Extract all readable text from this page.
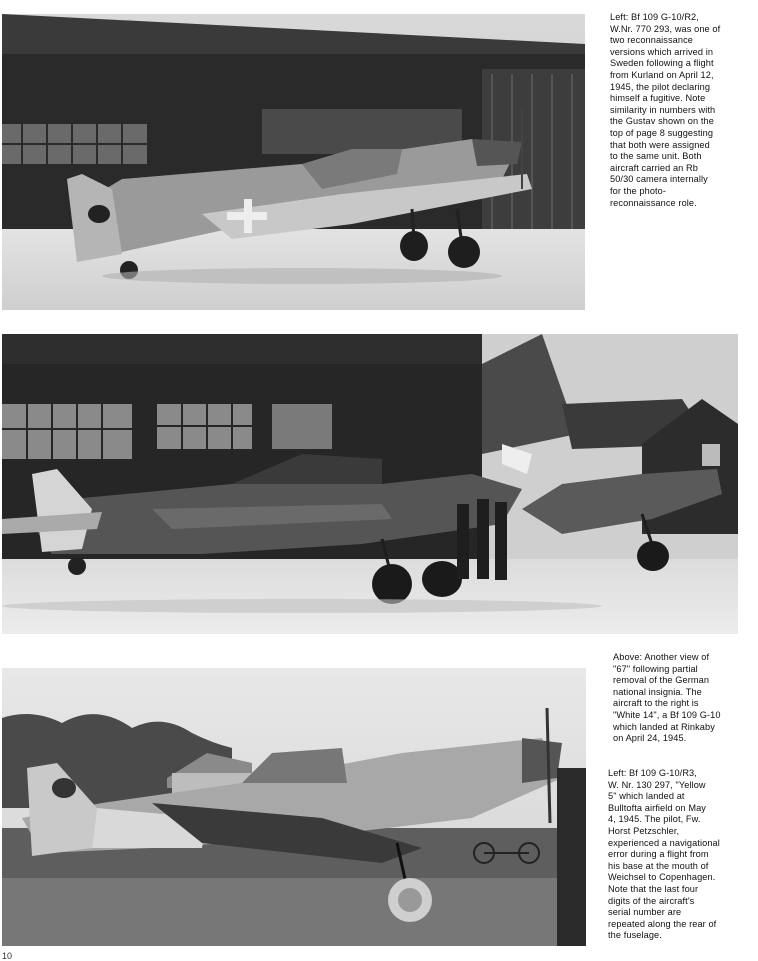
Left: Bf 109 G-10/R2,
W.Nr. 770 293, was one of
two reconnaissance
versions which arrived in
Sweden following a flight
from Kurland on April 12,
1945, the pilot declaring
himself a fugitive. Note
similarity in numbers with
the Gustav shown on the
top of page 8 suggesting
that both were assigned
to the same unit. Both
aircraft carried an Rb
50/30 camera internally
for the photo-
reconnaissance role.
Above: Another view of
"67" following partial
removal of the German
national insignia. The
aircraft to the right is
"White 14", a Bf 109 G-10
which landed at Rinkaby
on April 24, 1945.
Left: Bf 109 G-10/R3,
W. Nr. 130 297, "Yellow
5" which landed at
Bulltofta airfield on May
4, 1945. The pilot, Fw.
Horst Petzschler,
experienced a navigational
error during a flight from
his base at the mouth of
Weichsel to Copenhagen.
Note that the last four
digits of the aircraft's
serial number are
repeated along the rear of
the fuselage.
10
